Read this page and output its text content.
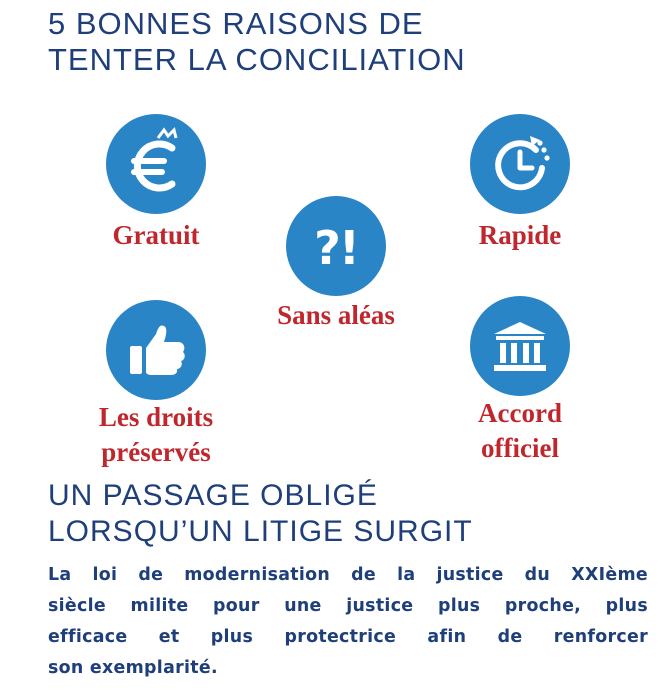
5 BONNES RAISONS DE
TENTER LA CONCILIATION
Gratuit	Rapide
?!
Sans aléas
Les droits
préservés
Accord
officiel
UN PASSAGE OBLIGÉ
LORSQU’UN LITIGE SURGIT

La loi de modernisation de la justice du XXIème
siècle milite pour une justice plus proche, plus
efficace et plus protectrice afin de renforcer
son exemplarité.
